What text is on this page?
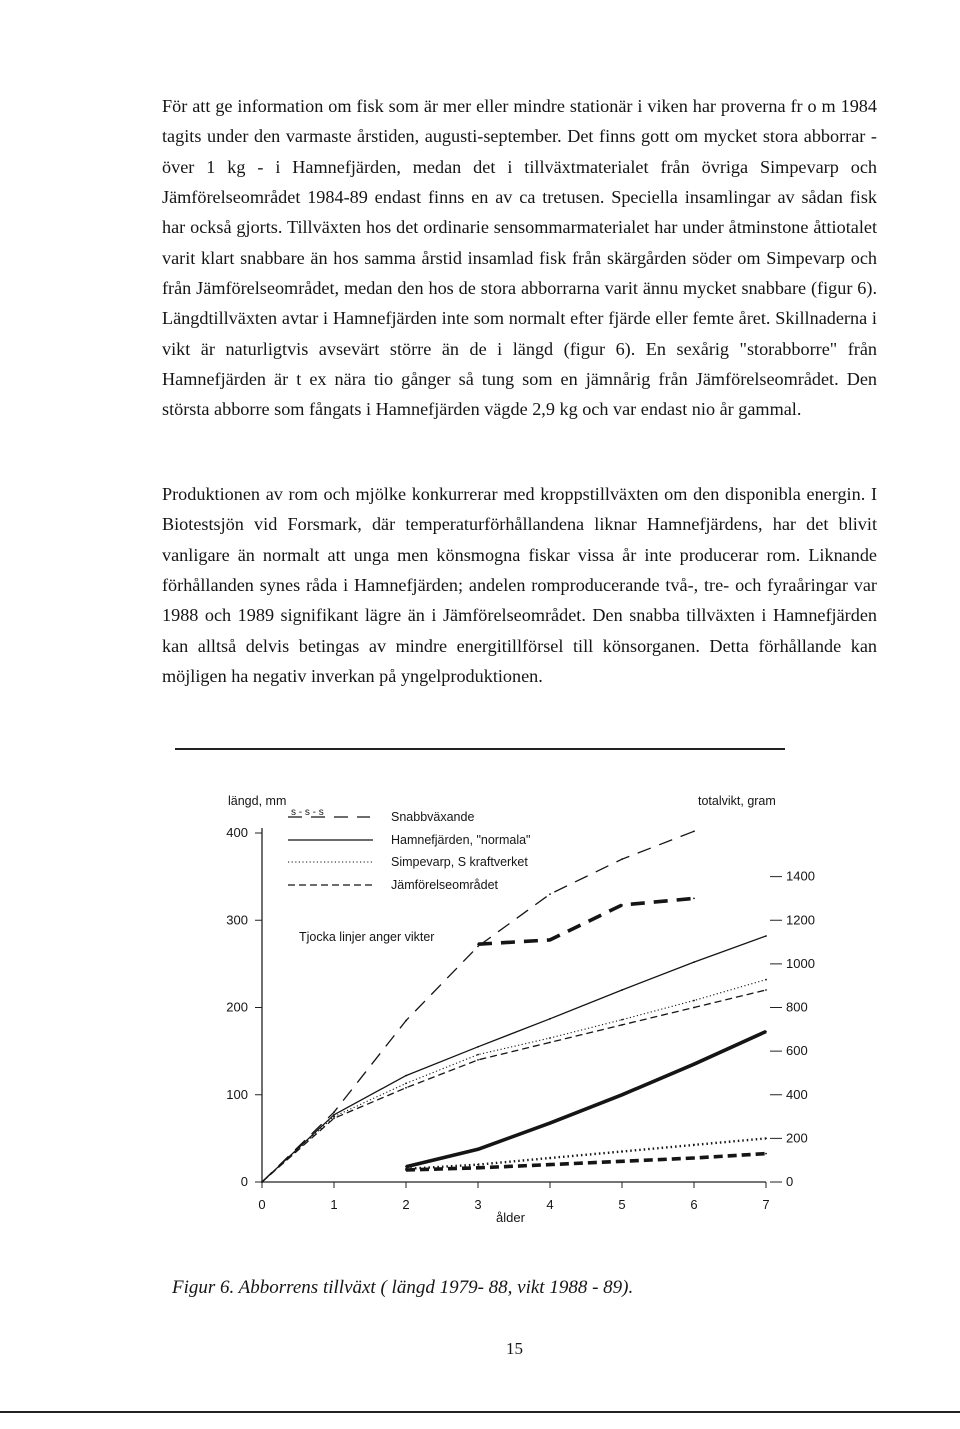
För att ge information om fisk som är mer eller mindre stationär i viken har proverna fr o m 1984 tagits under den varmaste årstiden, augusti-september. Det finns gott om mycket stora abborrar - över 1 kg - i Hamnefjärden, medan det i tillväxtmaterialet från övriga Simpevarp och Jämförelseområdet 1984-89 endast finns en av ca tretusen. Speciella insamlingar av sådan fisk har också gjorts. Tillväxten hos det ordinarie sensommarmaterialet har under åtminstone åttiotalet varit klart snabbare än hos samma årstid insamlad fisk från skärgården söder om Simpevarp och från Jämförelseområdet, medan den hos de stora abborrarna varit ännu mycket snabbare (figur 6). Längdtillväxten avtar i Hamnefjärden inte som normalt efter fjärde eller femte året. Skillnaderna i vikt är naturligtvis avsevärt större än de i längd (figur 6). En sexårig "storabborre" från Hamnefjärden är t ex nära tio gånger så tung som en jämnårig från Jämförelseområdet. Den största abborre som fångats i Hamnefjärden vägde 2,9 kg och var endast nio år gammal.

Produktionen av rom och mjölke konkurrerar med kroppstillväxten om den disponibla energin. I Biotestsjön vid Forsmark, där temperaturförhållandena liknar Hamnefjärdens, har det blivit vanligare än normalt att unga men könsmogna fiskar vissa år inte producerar rom. Liknande förhållanden synes råda i Hamnefjärden; andelen romproducerande två-, tre- och fyraåringar var 1988 och 1989 signifikant lägre än i Jämförelseområdet. Den snabba tillväxten i Hamnefjärden kan alltså delvis betingas av mindre energitillförsel till könsorganen. Detta förhållande kan möjligen ha negativ inverkan på yngelproduktionen.

längd, mm	totalvikt, gram
ålder
0	1	2	3	4	5	6	7
0
100
200
300
400
0
200
400
600
800
1000
1200
1400
s - s - s	Snabbväxande
Hamnefjärden, "normala"
Simpevarp, S kraftverket
Jämförelseområdet
Tjocka linjer anger vikter

Figur 6. Abborrens tillväxt ( längd 1979- 88, vikt 1988 - 89).

15
